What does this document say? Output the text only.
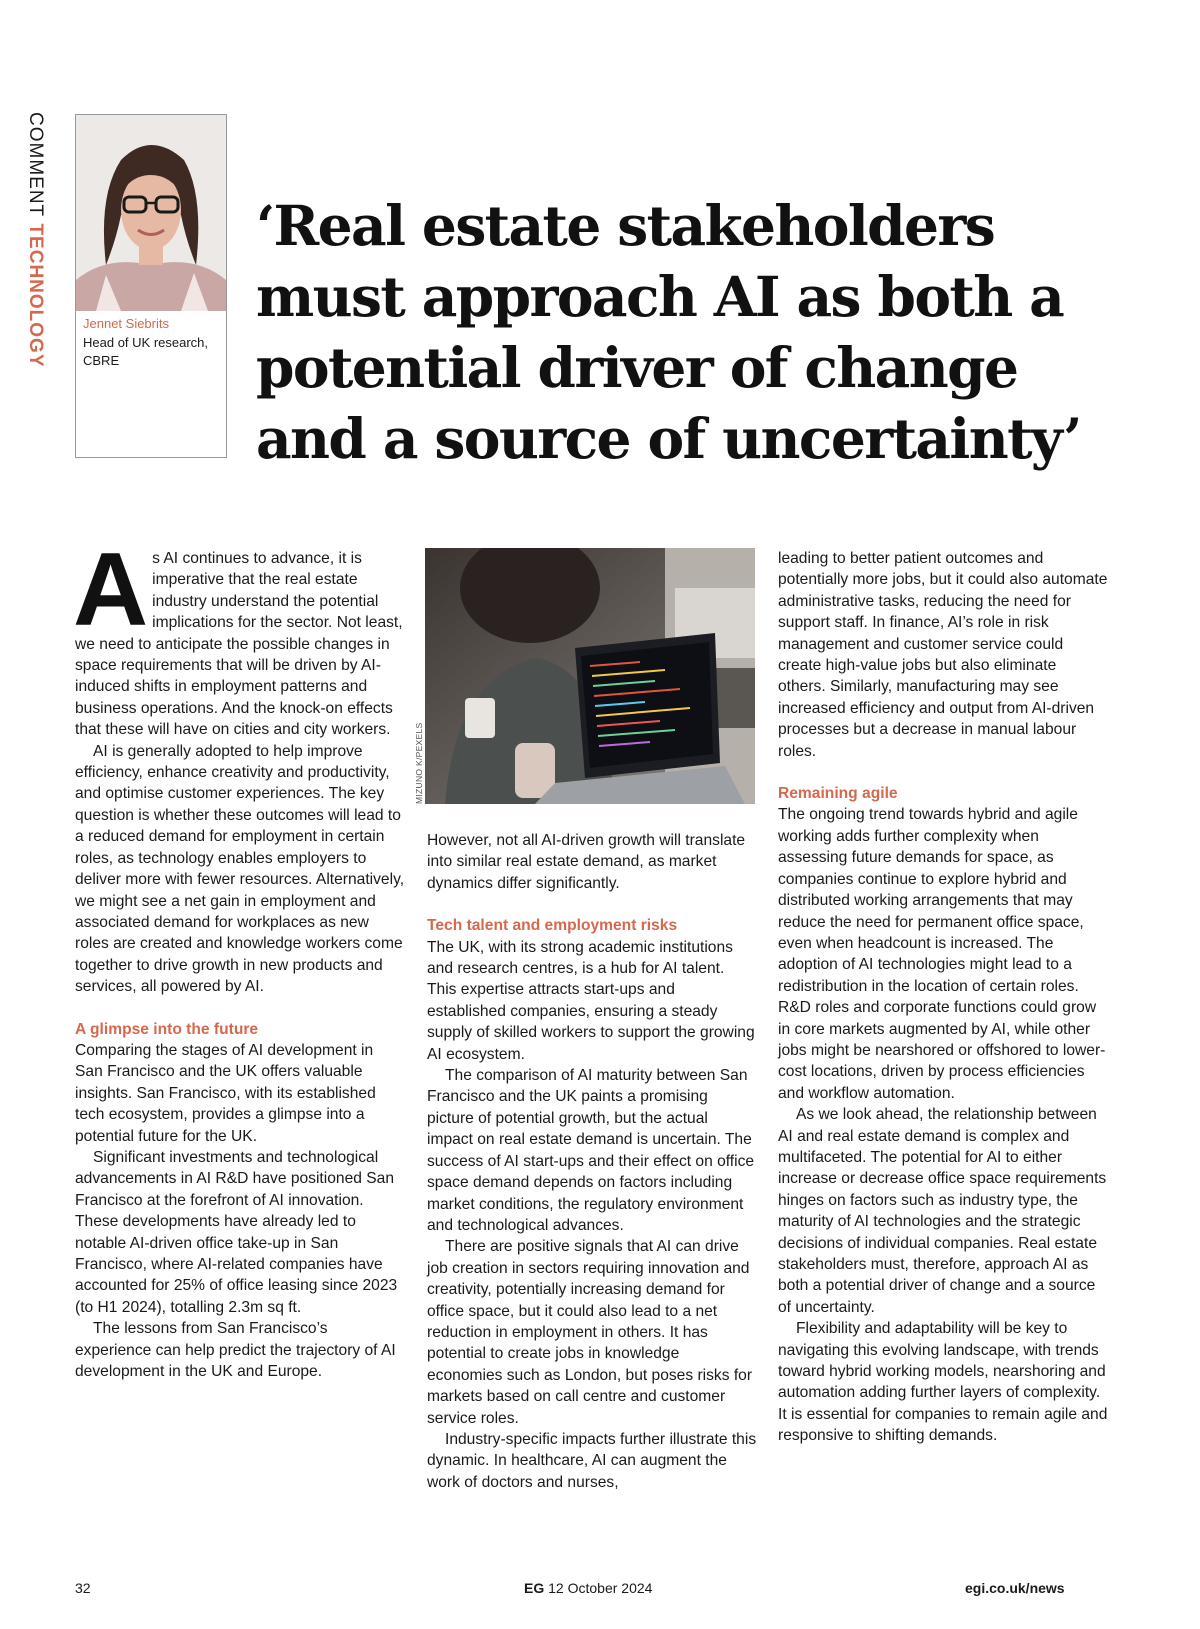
COMMENT TECHNOLOGY	Jennet Siebrits
Head of UK research, CBRE
‘Real estate stakeholders must approach AI as both a potential driver of change and a source of uncertainty’

As AI continues to advance, it is imperative that the real estate industry understand the potential implications for the sector. Not least, we need to anticipate the possible changes in space requirements that will be driven by AI-induced shifts in employment patterns and business operations. And the knock-on effects that these will have on cities and city workers.

AI is generally adopted to help improve efficiency, enhance creativity and productivity, and optimise customer experiences. The key question is whether these outcomes will lead to a reduced demand for employment in certain roles, as technology enables employers to deliver more with fewer resources. Alternatively, we might see a net gain in employment and associated demand for workplaces as new roles are created and knowledge workers come together to drive growth in new products and services, all powered by AI.

A glimpse into the future

Comparing the stages of AI development in San Francisco and the UK offers valuable insights. San Francisco, with its established tech ecosystem, provides a glimpse into a potential future for the UK.

Significant investments and technological advancements in AI R&D have positioned San Francisco at the forefront of AI innovation. These developments have already led to notable AI-driven office take-up in San Francisco, where AI-related companies have accounted for 25% of office leasing since 2023 (to H1 2024), totalling 2.3m sq ft.

The lessons from San Francisco’s experience can help predict the trajectory of AI development in the UK and Europe.

MIZUNO K/PEXELS

However, not all AI-driven growth will translate into similar real estate demand, as market dynamics differ significantly.

Tech talent and employment risks

The UK, with its strong academic institutions and research centres, is a hub for AI talent. This expertise attracts start-ups and established companies, ensuring a steady supply of skilled workers to support the growing AI ecosystem.

The comparison of AI maturity between San Francisco and the UK paints a promising picture of potential growth, but the actual impact on real estate demand is uncertain. The success of AI start-ups and their effect on office space demand depends on factors including market conditions, the regulatory environment and technological advances.

There are positive signals that AI can drive job creation in sectors requiring innovation and creativity, potentially increasing demand for office space, but it could also lead to a net reduction in employment in others. It has potential to create jobs in knowledge economies such as London, but poses risks for markets based on call centre and customer service roles.

Industry-specific impacts further illustrate this dynamic. In healthcare, AI can augment the work of doctors and nurses,

leading to better patient outcomes and potentially more jobs, but it could also automate administrative tasks, reducing the need for support staff. In finance, AI’s role in risk management and customer service could create high-value jobs but also eliminate others. Similarly, manufacturing may see increased efficiency and output from AI-driven processes but a decrease in manual labour roles.

Remaining agile

The ongoing trend towards hybrid and agile working adds further complexity when assessing future demands for space, as companies continue to explore hybrid and distributed working arrangements that may reduce the need for permanent office space, even when headcount is increased. The adoption of AI technologies might lead to a redistribution in the location of certain roles. R&D roles and corporate functions could grow in core markets augmented by AI, while other jobs might be nearshored or offshored to lower-cost locations, driven by process efficiencies and workflow automation.

As we look ahead, the relationship between AI and real estate demand is complex and multifaceted. The potential for AI to either increase or decrease office space requirements hinges on factors such as industry type, the maturity of AI technologies and the strategic decisions of individual companies. Real estate stakeholders must, therefore, approach AI as both a potential driver of change and a source of uncertainty.

Flexibility and adaptability will be key to navigating this evolving landscape, with trends toward hybrid working models, nearshoring and automation adding further layers of complexity. It is essential for companies to remain agile and responsive to shifting demands.

32	EG 12 October 2024	egi.co.uk/news
